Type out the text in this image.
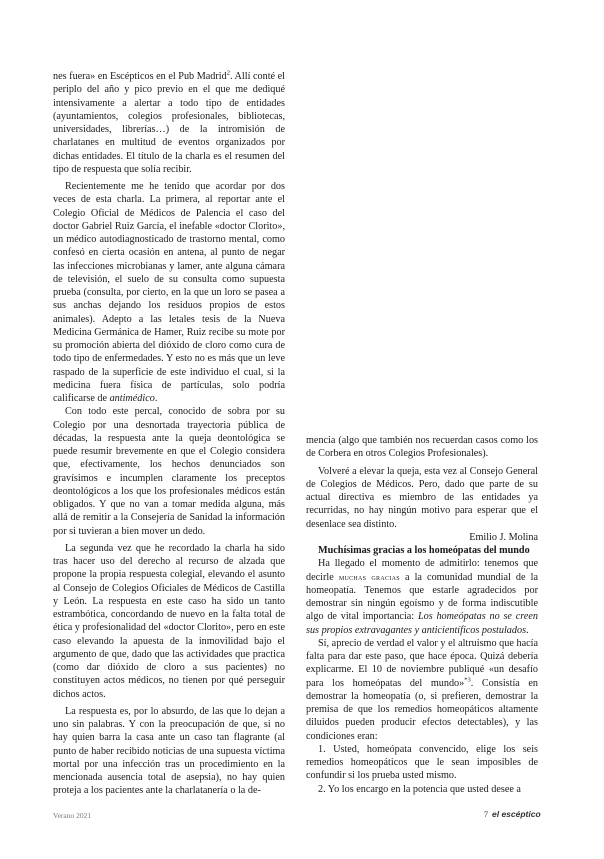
nes fuera» en Escépticos en el Pub Madrid$^2$. Allí conté el periplo del año y pico previo en el que me dediqué intensivamente a alertar a todo tipo de entidades (ayuntamientos, colegios profesionales, bibliotecas, universidades, librerías…) de la intromisión de charlatanes en multitud de eventos organizados por dichas entidades. El título de la charla es el resumen del tipo de respuesta que solía recibir.

Recientemente me he tenido que acordar por dos veces de esta charla. La primera, al reportar ante el Colegio Oficial de Médicos de Palencia el caso del doctor Gabriel Ruiz García, el inefable «doctor Clorito», un médico autodiagnosticado de trastorno mental, como confesó en cierta ocasión en antena, al punto de negar las infecciones microbianas y lamer, ante alguna cámara de televisión, el suelo de su consulta como supuesta prueba (consulta, por cierto, en la que un loro se pasea a sus anchas dejando los residuos propios de estos animales). Adepto a las letales tesis de la Nueva Medicina Germánica de Hamer, Ruiz recibe su mote por su promoción abierta del dióxido de cloro como cura de todo tipo de enfermedades. Y esto no es más que un leve raspado de la superficie de este individuo el cual, si la medicina fuera física de partículas, solo podría calificarse de antimédico.

Con todo este percal, conocido de sobra por su Colegio por una desnortada trayectoria pública de décadas, la respuesta ante la queja deontológica se puede resumir brevemente en que el Colegio considera que, efectivamente, los hechos denunciados son gravísimos e incumplen claramente los preceptos deontológicos a los que los profesionales médicos están obligados. Y que no van a tomar medida alguna, más allá de remitir a la Consejería de Sanidad la información por si tuvieran a bien mover un dedo.

La segunda vez que he recordado la charla ha sido tras hacer uso del derecho al recurso de alzada que propone la propia respuesta colegial, elevando el asunto al Consejo de Colegios Oficiales de Médicos de Castilla y León. La respuesta en este caso ha sido un tanto estrambótica, concordando de nuevo en la falta total de ética y profesionalidad del «doctor Clorito», pero en este caso elevando la apuesta de la inmovilidad bajo el argumento de que, dado que las actividades que practica (como dar dióxido de cloro a sus pacientes) no constituyen actos médicos, no tienen por qué perseguir dichos actos.

La respuesta es, por lo absurdo, de las que lo dejan a uno sin palabras. Y con la preocupación de que, si no hay quien barra la casa ante un caso tan flagrante (al punto de haber recibido noticias de una supuesta víctima mortal por una infección tras un procedimiento en la mencionada ausencia total de asepsia), no hay quien proteja a los pacientes ante la charlatanería o la de-

mencia (algo que también nos recuerdan casos como los de Corbera en otros Colegios Profesionales).

Volveré a elevar la queja, esta vez al Consejo General de Colegios de Médicos. Pero, dado que parte de su actual directiva es miembro de las entidades ya recurridas, no hay ningún motivo para esperar que el desenlace sea distinto.

Emilio J. Molina

Muchísimas gracias a los homeópatas del mundo

Ha llegado el momento de admitirlo: tenemos que decirle muchas gracias a la comunidad mundial de la homeopatía. Tenemos que estarle agradecidos por demostrar sin ningún egoísmo y de forma indiscutible algo de vital importancia: Los homeópatas no se creen sus propios extravagantes y anticientíficos postulados.

Sí, aprecio de verdad el valor y el altruismo que hacía falta para dar este paso, que hace época. Quizá debería explicarme. El 10 de noviembre publiqué «un desafío para los homeópatas del mundo»$^{*3}$. Consistía en demostrar la homeopatía (o, si prefieren, demostrar la premisa de que los remedios homeopáticos altamente diluidos pueden producir efectos detectables), y las condiciones eran:

1. Usted, homeópata convencido, elige los seis remedios homeopáticos que le sean imposibles de confundir si los prueba usted mismo.

2. Yo los encargo en la potencia que usted desee a

Verano 2021	7 el escéptico
